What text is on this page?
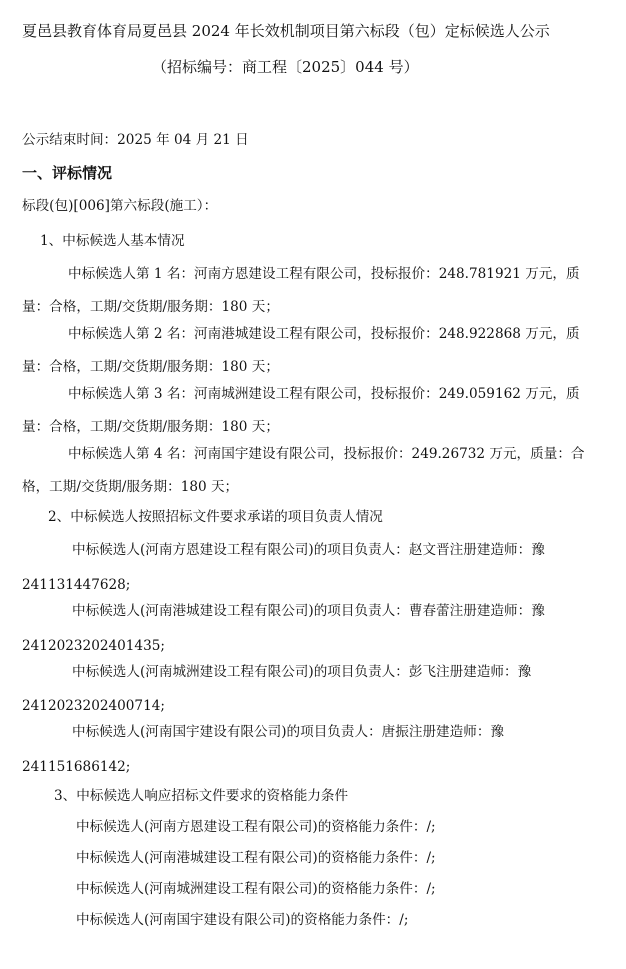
夏邑县教育体育局夏邑县 2024 年长效机制项目第六标段（包）定标候选人公示
（招标编号：商工程〔2025〕044 号）
公示结束时间：2025 年 04 月 21 日
一、评标情况
标段(包)[006]第六标段(施工）：
1、中标候选人基本情况
中标候选人第 1 名：河南方恩建设工程有限公司，投标报价：248.781921 万元，质
量：合格，工期/交货期/服务期：180 天；
中标候选人第 2 名：河南港城建设工程有限公司，投标报价：248.922868 万元，质
量：合格，工期/交货期/服务期：180 天；
中标候选人第 3 名：河南城洲建设工程有限公司，投标报价：249.059162 万元，质
量：合格，工期/交货期/服务期：180 天；
中标候选人第 4 名：河南国宇建设有限公司，投标报价：249.26732 万元，质量：合
格，工期/交货期/服务期：180 天；
2、中标候选人按照招标文件要求承诺的项目负责人情况
中标候选人(河南方恩建设工程有限公司)的项目负责人：赵文晋注册建造师：豫
241131447628;
中标候选人(河南港城建设工程有限公司)的项目负责人：曹春蕾注册建造师：豫
2412023202401435;
中标候选人(河南城洲建设工程有限公司)的项目负责人：彭飞注册建造师：豫
2412023202400714;
中标候选人(河南国宇建设有限公司)的项目负责人：唐振注册建造师：豫
241151686142;
3、中标候选人响应招标文件要求的资格能力条件
中标候选人(河南方恩建设工程有限公司)的资格能力条件：/;
中标候选人(河南港城建设工程有限公司)的资格能力条件：/;
中标候选人(河南城洲建设工程有限公司)的资格能力条件：/;
中标候选人(河南国宇建设有限公司)的资格能力条件：/;
